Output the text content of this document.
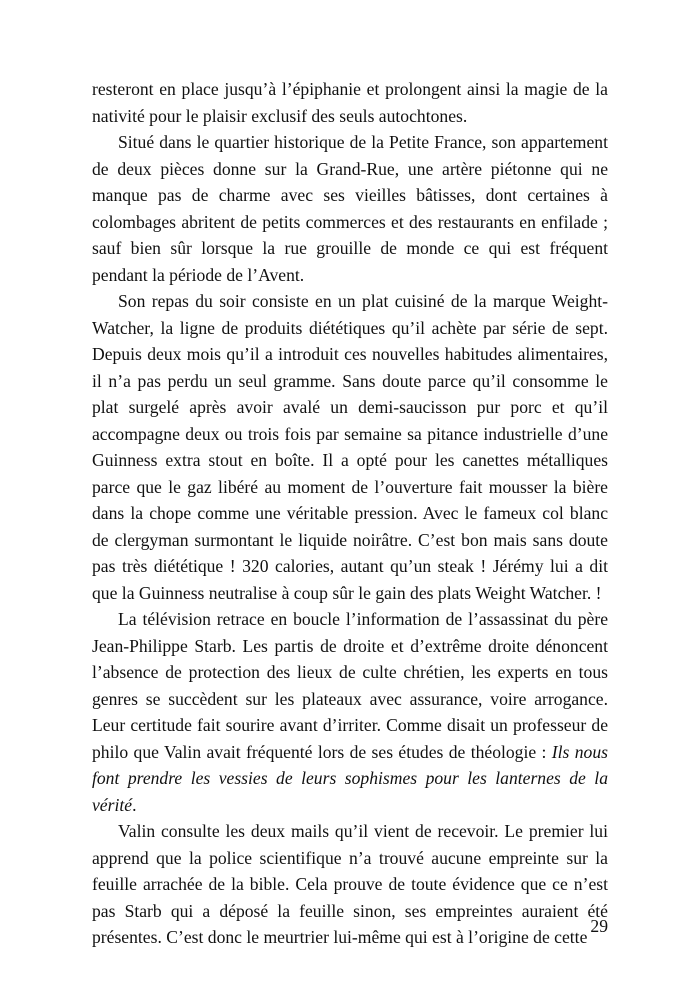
resteront en place jusqu’à l’épiphanie et prolongent ainsi la magie de la nativité pour le plaisir exclusif des seuls autochtones.

Situé dans le quartier historique de la Petite France, son appartement de deux pièces donne sur la Grand-Rue, une artère piétonne qui ne manque pas de charme avec ses vieilles bâtisses, dont certaines à colombages abritent de petits commerces et des restaurants en enfilade ; sauf bien sûr lorsque la rue grouille de monde ce qui est fréquent pendant la période de l’Avent.

Son repas du soir consiste en un plat cuisiné de la marque Weight-Watcher, la ligne de produits diététiques qu’il achète par série de sept. Depuis deux mois qu’il a introduit ces nouvelles habitudes alimentaires, il n’a pas perdu un seul gramme. Sans doute parce qu’il consomme le plat surgelé après avoir avalé un demi-saucisson pur porc et qu’il accompagne deux ou trois fois par semaine sa pitance industrielle d’une Guinness extra stout en boîte. Il a opté pour les canettes métalliques parce que le gaz libéré au moment de l’ouverture fait mousser la bière dans la chope comme une véritable pression. Avec le fameux col blanc de clergyman surmontant le liquide noirâtre. C’est bon mais sans doute pas très diététique ! 320 calories, autant qu’un steak ! Jérémy lui a dit que la Guinness neutralise à coup sûr le gain des plats Weight Watcher. !

La télévision retrace en boucle l’information de l’assassinat du père Jean-Philippe Starb. Les partis de droite et d’extrême droite dénoncent l’absence de protection des lieux de culte chrétien, les experts en tous genres se succèdent sur les plateaux avec assurance, voire arrogance. Leur certitude fait sourire avant d’irriter. Comme disait un professeur de philo que Valin avait fréquenté lors de ses études de théologie : Ils nous font prendre les vessies de leurs sophismes pour les lanternes de la vérité.

Valin consulte les deux mails qu’il vient de recevoir. Le premier lui apprend que la police scientifique n’a trouvé aucune empreinte sur la feuille arrachée de la bible. Cela prouve de toute évidence que ce n’est pas Starb qui a déposé la feuille sinon, ses empreintes auraient été présentes. C’est donc le meurtrier lui-même qui est à l’origine de cette

29
